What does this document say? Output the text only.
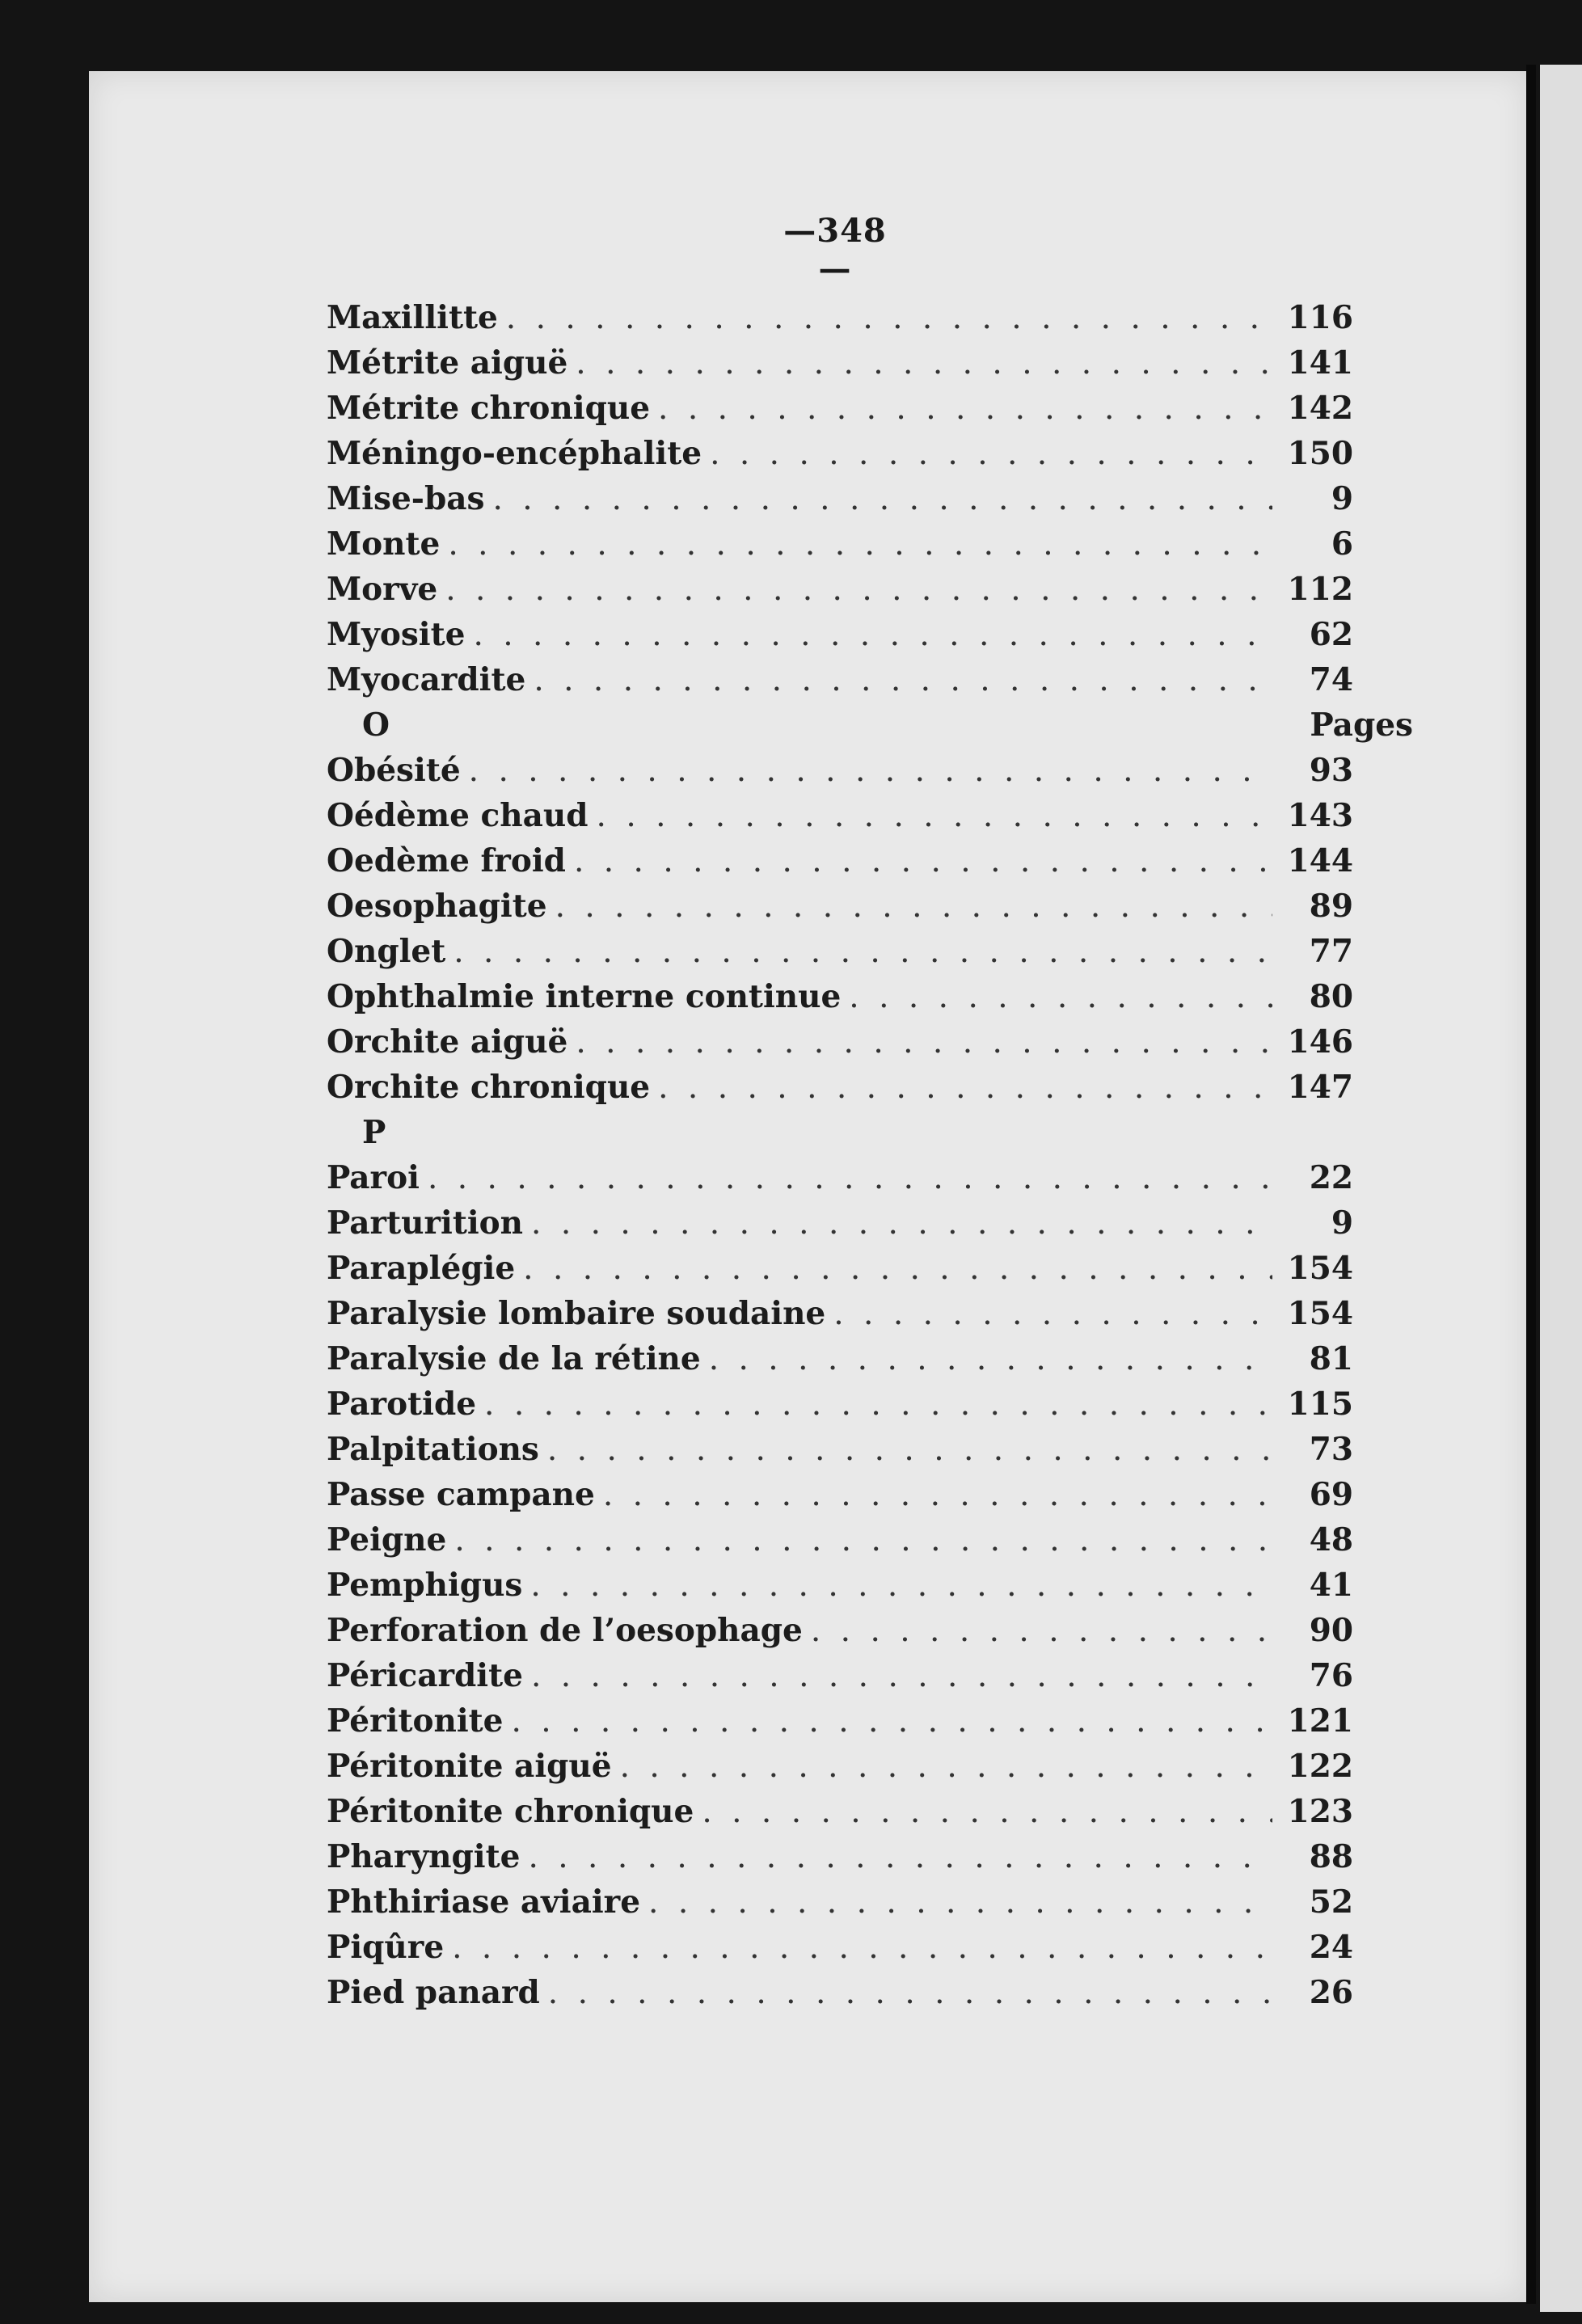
—348—
Maxillitte . . .	116
Métrite aiguë . . .	141
Métrite chronique . . .	142
Méningo-encéphalite . . .	150
Mise-bas . . .	9
Monte . . .	6
Morve . . .	112
Myosite . . .	62
Myocardite . . .	74
O	Pages
Obésité . . .	93
Oédème chaud . . .	143
Oedème froid . . .	144
Oesophagite . . .	89
Onglet . . .	77
Ophthalmie interne continue . . .	80
Orchite aiguë . . .	146
Orchite chronique . . .	147
P
Paroi . . .	22
Parturition . . .	9
Paraplégie . . .	154
Paralysie lombaire soudaine . . .	154
Paralysie de la rétine . . .	81
Parotide . . .	115
Palpitations . . .	73
Passe campane . . .	69
Peigne . . .	48
Pemphigus . . .	41
Perforation de l’oesophage . . .	90
Péricardite . . .	76
Péritonite . . .	121
Péritonite aiguë . . .	122
Péritonite chronique . . .	123
Pharyngite . . .	88
Phthiriase aviaire . . .	52
Piqûre . . .	24
Pied panard . . .	26
